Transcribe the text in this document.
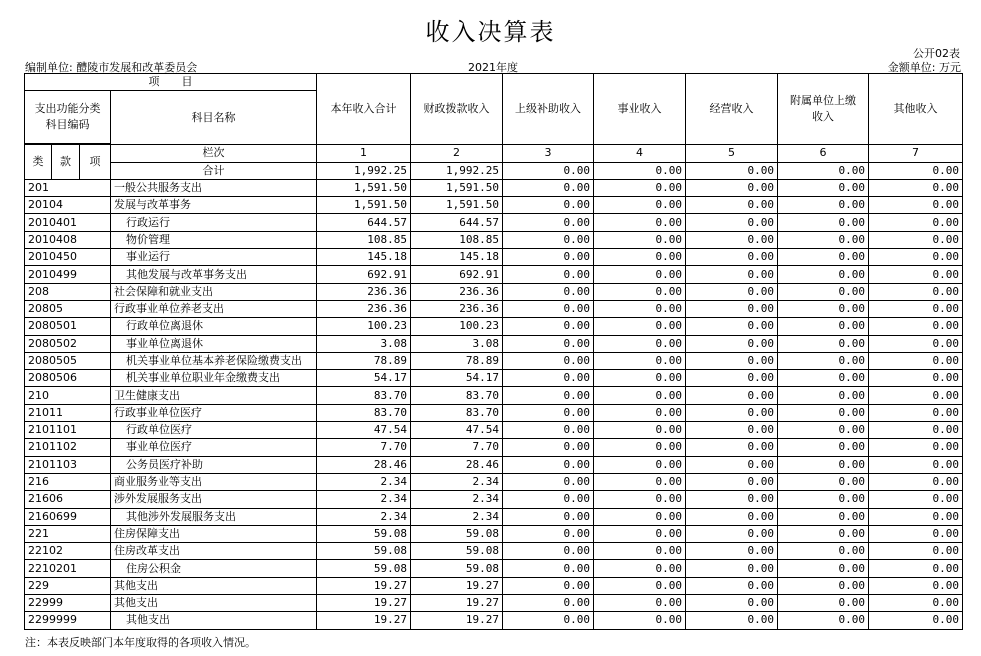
收入决算表
公开02表
编制单位: 醴陵市发展和改革委员会	2021年度	金额单位: 万元
项　　目				本年收入合计	财政拨款收入	上级补助收入	事业收入	经营收入	附属单位上缴收入	其他收入
支出功能分类科目编码			科目名称							

类	款	项	栏次	1	2	3	4	5	6	7
			合计	1,992.25	1,992.25	0.00	0.00	0.00	0.00	0.00
201			一般公共服务支出	1,591.50	1,591.50	0.00	0.00	0.00	0.00	0.00
20104			发展与改革事务	1,591.50	1,591.50	0.00	0.00	0.00	0.00	0.00
2010401			行政运行	644.57	644.57	0.00	0.00	0.00	0.00	0.00
2010408			物价管理	108.85	108.85	0.00	0.00	0.00	0.00	0.00
2010450			事业运行	145.18	145.18	0.00	0.00	0.00	0.00	0.00
2010499			其他发展与改革事务支出	692.91	692.91	0.00	0.00	0.00	0.00	0.00
208			社会保障和就业支出	236.36	236.36	0.00	0.00	0.00	0.00	0.00
20805			行政事业单位养老支出	236.36	236.36	0.00	0.00	0.00	0.00	0.00
2080501			行政单位离退休	100.23	100.23	0.00	0.00	0.00	0.00	0.00
2080502			事业单位离退休	3.08	3.08	0.00	0.00	0.00	0.00	0.00
2080505			机关事业单位基本养老保险缴费支出	78.89	78.89	0.00	0.00	0.00	0.00	0.00
2080506			机关事业单位职业年金缴费支出	54.17	54.17	0.00	0.00	0.00	0.00	0.00
210			卫生健康支出	83.70	83.70	0.00	0.00	0.00	0.00	0.00
21011			行政事业单位医疗	83.70	83.70	0.00	0.00	0.00	0.00	0.00
2101101			行政单位医疗	47.54	47.54	0.00	0.00	0.00	0.00	0.00
2101102			事业单位医疗	7.70	7.70	0.00	0.00	0.00	0.00	0.00
2101103			公务员医疗补助	28.46	28.46	0.00	0.00	0.00	0.00	0.00
216			商业服务业等支出	2.34	2.34	0.00	0.00	0.00	0.00	0.00
21606			涉外发展服务支出	2.34	2.34	0.00	0.00	0.00	0.00	0.00
2160699			其他涉外发展服务支出	2.34	2.34	0.00	0.00	0.00	0.00	0.00
221			住房保障支出	59.08	59.08	0.00	0.00	0.00	0.00	0.00
22102			住房改革支出	59.08	59.08	0.00	0.00	0.00	0.00	0.00
2210201			住房公积金	59.08	59.08	0.00	0.00	0.00	0.00	0.00
229			其他支出	19.27	19.27	0.00	0.00	0.00	0.00	0.00
22999			其他支出	19.27	19.27	0.00	0.00	0.00	0.00	0.00
2299999			其他支出	19.27	19.27	0.00	0.00	0.00	0.00	0.00
注：本表反映部门本年度取得的各项收入情况。
